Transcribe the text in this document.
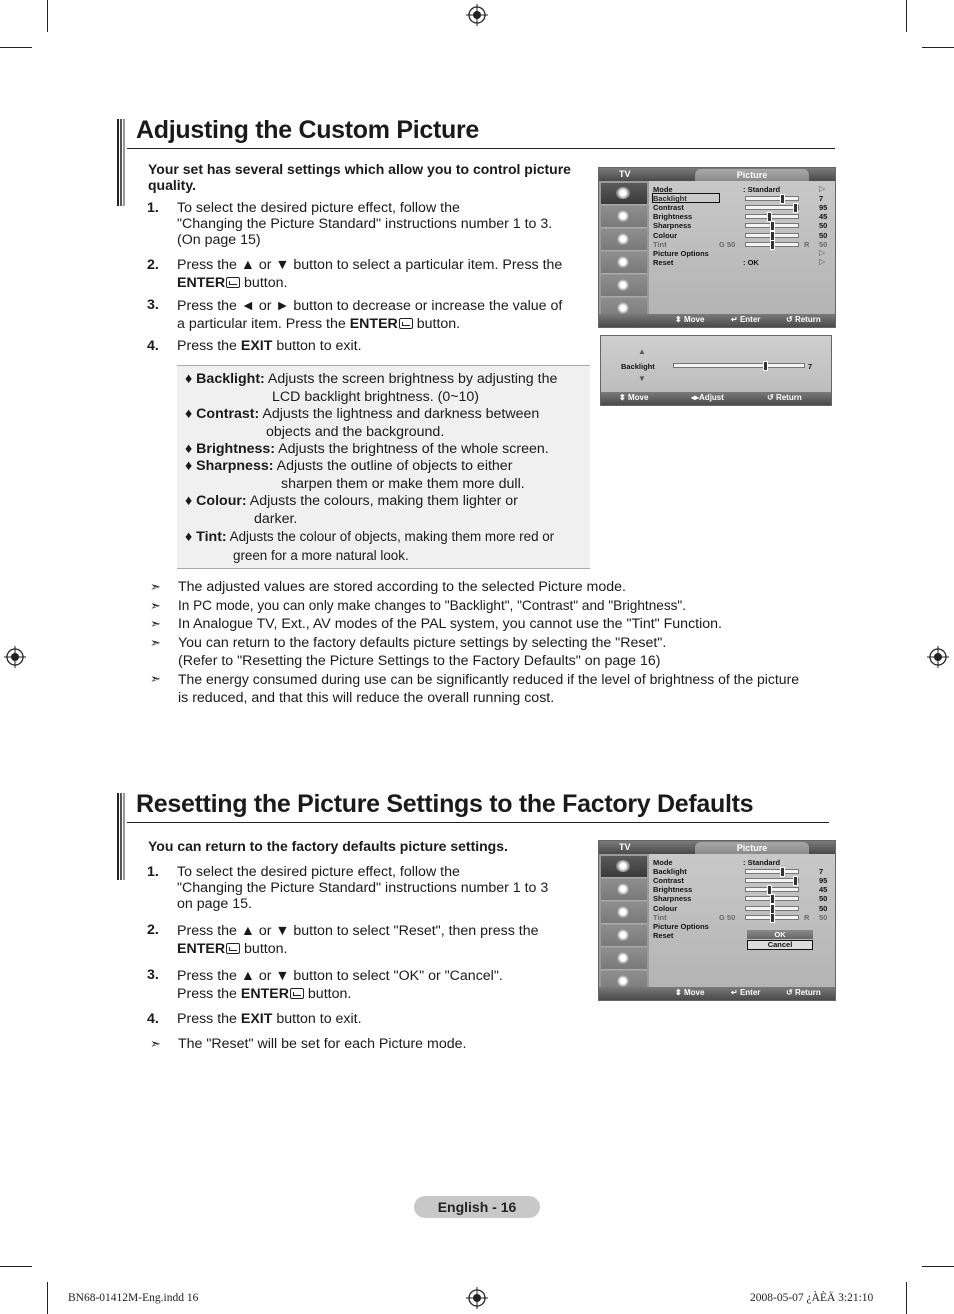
Adjusting the Custom Picture
Your set has several settings which allow you to control picture quality.
1. To select the desired picture effect, follow the
"Changing the Picture Standard" instructions number 1 to 3.
(On page 15)
2. Press the ▲ or ▼ button to select a particular item. Press the
ENTER button.
3. Press the ◄ or ► button to decrease or increase the value of
a particular item. Press the ENTER button.
4. Press the EXIT button to exit.
♦ Backlight: Adjusts the screen brightness by adjusting the
LCD backlight brightness. (0~10)
♦ Contrast: Adjusts the lightness and darkness between
objects and the background.
♦ Brightness: Adjusts the brightness of the whole screen.
♦ Sharpness: Adjusts the outline of objects to either
sharpen them or make them more dull.
♦ Colour: Adjusts the colours, making them lighter or
darker.
♦ Tint: Adjusts the colour of objects, making them more red or
green for a more natural look.
➣ The adjusted values are stored according to the selected Picture mode.
➣ In PC mode, you can only make changes to "Backlight", "Contrast" and "Brightness".
➣ In Analogue TV, Ext., AV modes of the PAL system, you cannot use the "Tint" Function.
➣ You can return to the factory defaults picture settings by selecting the "Reset".
(Refer to "Resetting the Picture Settings to the Factory Defaults" on page 16)
➣ The energy consumed during use can be significantly reduced if the level of brightness of the picture
is reduced, and that this will reduce the overall running cost.
TV	Picture
Mode	: Standard	▷
Backlight	7
Contrast	95
Brightness	45
Sharpness	50
Colour	50
Tint	G 50	R 50
Picture Options	▷
Reset	: OK	▷
⬍ Move	↵ Enter	↺ Return
▲
Backlight
▼
7
⬍ Move	◂▸Adjust	↺ Return
Resetting the Picture Settings to the Factory Defaults
You can return to the factory defaults picture settings.
1. To select the desired picture effect, follow the
"Changing the Picture Standard" instructions number 1 to 3
on page 15.
2. Press the ▲ or ▼ button to select "Reset", then press the
ENTER button.
3. Press the ▲ or ▼ button to select "OK" or "Cancel".
Press the ENTER button.
4. Press the EXIT button to exit.
➣ The "Reset" will be set for each Picture mode.
TV	Picture
Mode	: Standard
Backlight	7
Contrast	95
Brightness	45
Sharpness	50
Colour	50
Tint	G 50	R 50
Picture Options
Reset	OK
Cancel
⬍ Move	↵ Enter	↺ Return
English - 16
BN68-01412M-Eng.indd 16	2008-05-07 ¿ÀÈÄ 3:21:10
